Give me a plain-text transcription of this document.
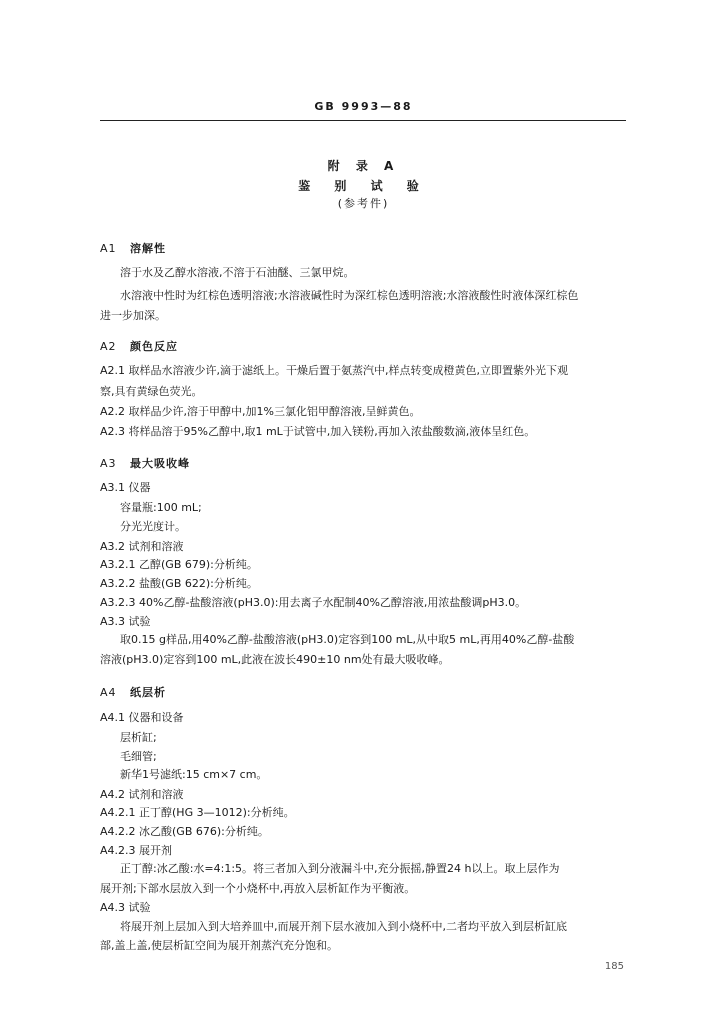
GB 9993—88
附 录 A
鉴 别 试 验
(参考件)
A1 溶解性
溶于水及乙醇水溶液,不溶于石油醚、三氯甲烷。
水溶液中性时为红棕色透明溶液;水溶液碱性时为深红棕色透明溶液;水溶液酸性时液体深红棕色
进一步加深。
A2 颜色反应
A2.1 取样品水溶液少许,滴于滤纸上。干燥后置于氨蒸汽中,样点转变成橙黄色,立即置紫外光下观
察,具有黄绿色荧光。
A2.2 取样品少许,溶于甲醇中,加1%三氯化铝甲醇溶液,呈鲜黄色。
A2.3 将样品溶于95%乙醇中,取1 mL于试管中,加入镁粉,再加入浓盐酸数滴,液体呈红色。
A3 最大吸收峰
A3.1 仪器
容量瓶:100 mL;
分光光度计。
A3.2 试剂和溶液
A3.2.1 乙醇(GB 679):分析纯。
A3.2.2 盐酸(GB 622):分析纯。
A3.2.3 40%乙醇-盐酸溶液(pH3.0):用去离子水配制40%乙醇溶液,用浓盐酸调pH3.0。
A3.3 试验
取0.15 g样品,用40%乙醇-盐酸溶液(pH3.0)定容到100 mL,从中取5 mL,再用40%乙醇-盐酸
溶液(pH3.0)定容到100 mL,此液在波长490±10 nm处有最大吸收峰。
A4 纸层析
A4.1 仪器和设备
层析缸;
毛细管;
新华1号滤纸:15 cm×7 cm。
A4.2 试剂和溶液
A4.2.1 正丁醇(HG 3—1012):分析纯。
A4.2.2 冰乙酸(GB 676):分析纯。
A4.2.3 展开剂
正丁醇:冰乙酸:水=4:1:5。将三者加入到分液漏斗中,充分振摇,静置24 h以上。取上层作为
展开剂;下部水层放入到一个小烧杯中,再放入层析缸作为平衡液。
A4.3 试验
将展开剂上层加入到大培养皿中,而展开剂下层水液加入到小烧杯中,二者均平放入到层析缸底
部,盖上盖,使层析缸空间为展开剂蒸汽充分饱和。
185
